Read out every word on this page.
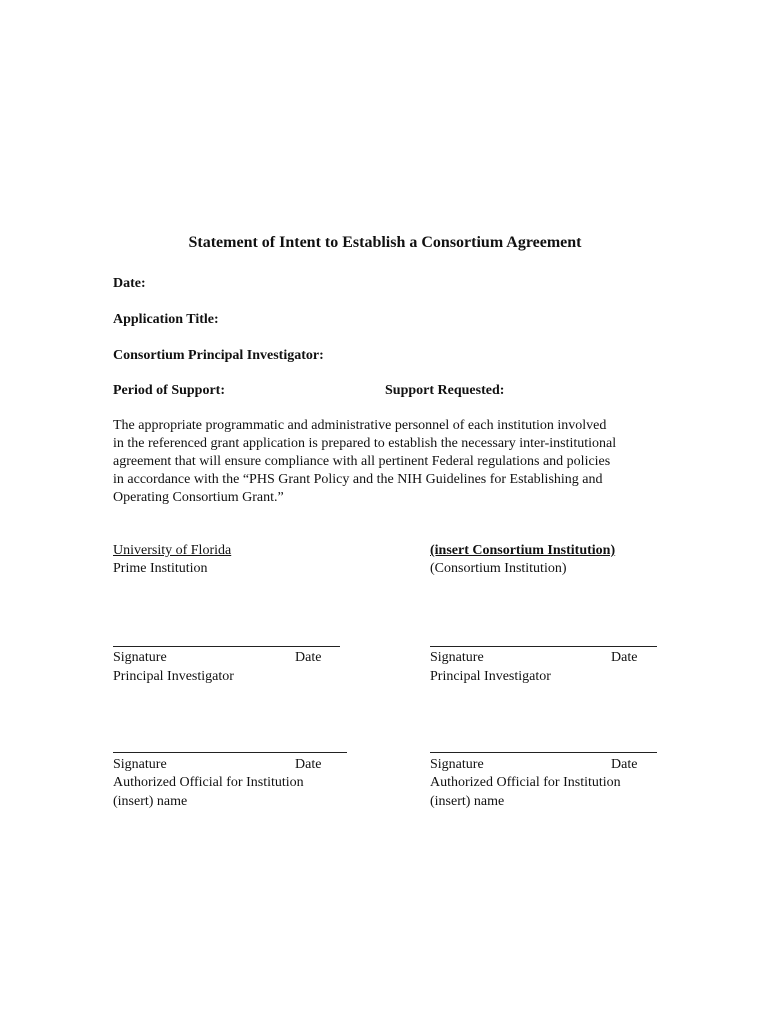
Statement of Intent to Establish a Consortium Agreement
Date:
Application Title:
Consortium Principal Investigator:
Period of Support:	Support Requested:
The appropriate programmatic and administrative personnel of each institution involved
in the referenced grant application is prepared to establish the necessary inter-institutional
agreement that will ensure compliance with all pertinent Federal regulations and policies
in accordance with the “PHS Grant Policy and the NIH Guidelines for Establishing and
Operating Consortium Grant.”
University of Florida
Prime Institution
Signature	Date
Principal Investigator
Signature	Date
Authorized Official for Institution
(insert) name
(insert Consortium Institution)
(Consortium Institution)
Signature	Date
Principal Investigator
Signature	Date
Authorized Official for Institution
(insert) name
